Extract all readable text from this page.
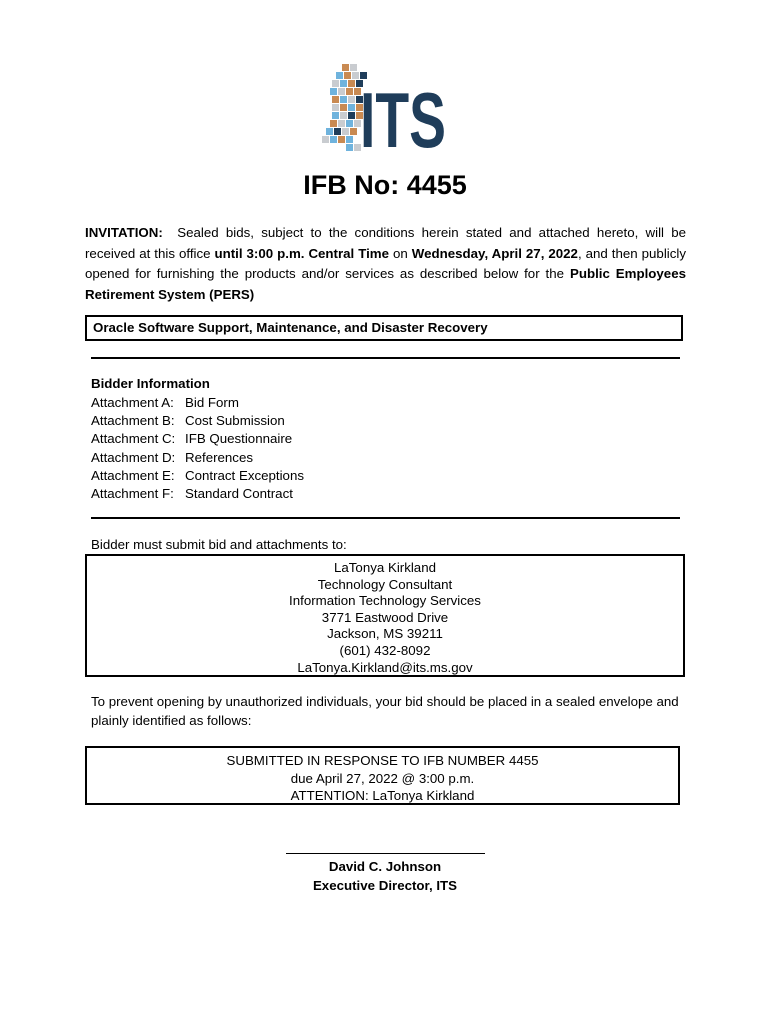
ITS
IFB No: 4455
INVITATION: Sealed bids, subject to the conditions herein stated and attached hereto, will be received at this office until 3:00 p.m. Central Time on Wednesday, April 27, 2022, and then publicly opened for furnishing the products and/or services as described below for the Public Employees Retirement System (PERS)
Oracle Software Support, Maintenance, and Disaster Recovery
Bidder Information
Attachment A: Bid Form
Attachment B: Cost Submission
Attachment C: IFB Questionnaire
Attachment D: References
Attachment E: Contract Exceptions
Attachment F: Standard Contract
Bidder must submit bid and attachments to:
LaTonya Kirkland
Technology Consultant
Information Technology Services
3771 Eastwood Drive
Jackson, MS 39211
(601) 432-8092
LaTonya.Kirkland@its.ms.gov
To prevent opening by unauthorized individuals, your bid should be placed in a sealed envelope and plainly identified as follows:
SUBMITTED IN RESPONSE TO IFB NUMBER 4455
due April 27, 2022 @ 3:00 p.m.
ATTENTION: LaTonya Kirkland
David C. Johnson
Executive Director, ITS
